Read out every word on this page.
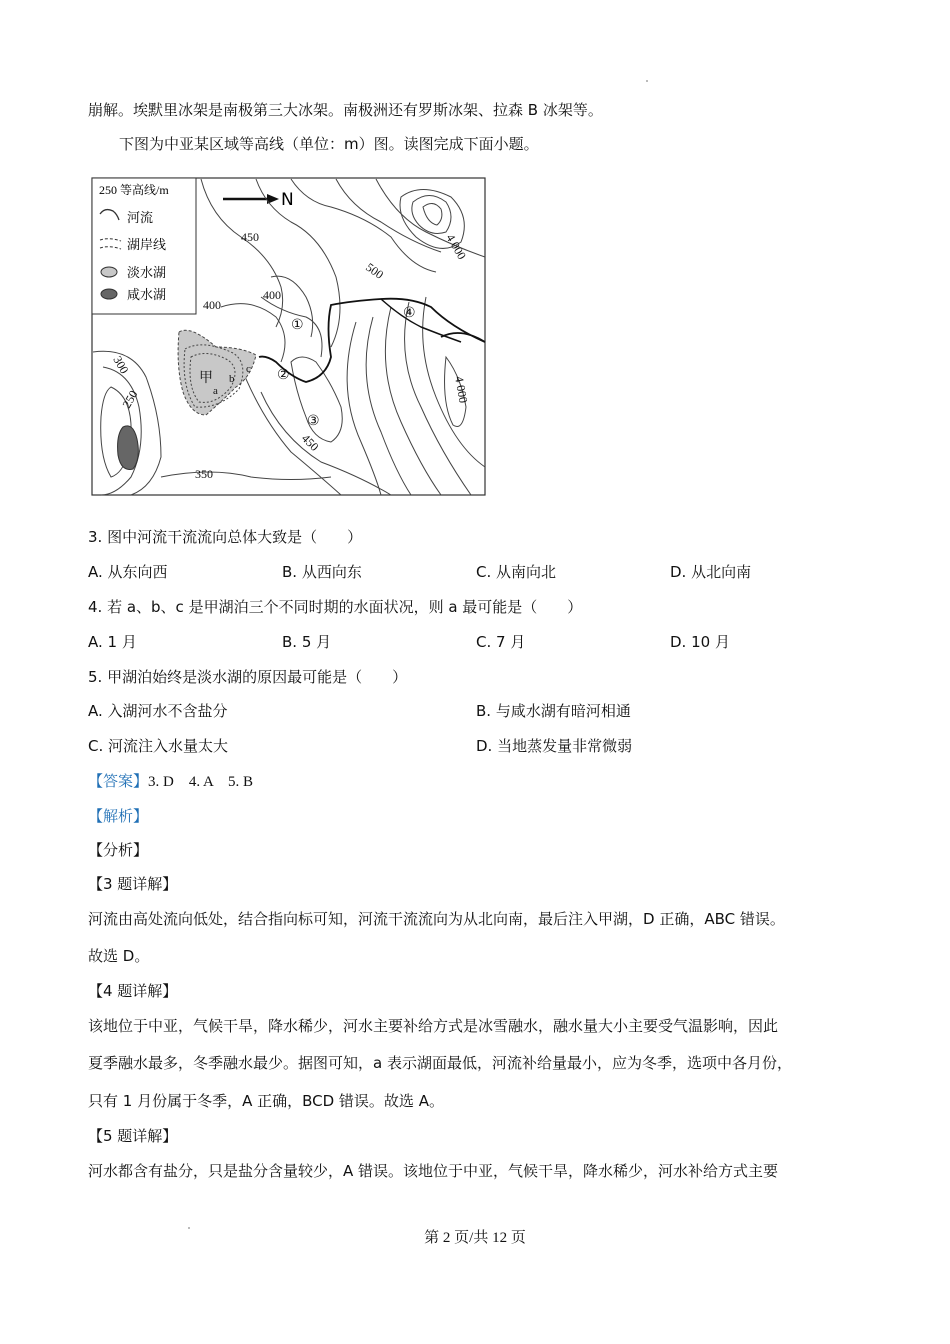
崩解。埃默里冰架是南极第三大冰架。南极洲还有罗斯冰架、拉森 B 冰架等。
下图为中亚某区域等高线（单位：m）图。读图完成下面小题。
250 等高线/m
河流
湖岸线
淡水湖
咸水湖
N
450
500
4 000
400
400
300
250
350
450
4 000
①
②
③
④
甲
a
b
c
3. 图中河流干流流向总体大致是（　　）
A. 从东向西	B. 从西向东	C. 从南向北	D. 从北向南
4. 若 a、b、c 是甲湖泊三个不同时期的水面状况，则 a 最可能是（　　）
A. 1 月	B. 5 月	C. 7 月	D. 10 月
5. 甲湖泊始终是淡水湖的原因最可能是（　　）
A. 入湖河水不含盐分	B. 与咸水湖有暗河相通
C. 河流注入水量太大	D. 当地蒸发量非常微弱
【答案】3. D　4. A　5. B
【解析】
【分析】
【3 题详解】
河流由高处流向低处，结合指向标可知，河流干流流向为从北向南，最后注入甲湖，D 正确，ABC 错误。
故选 D。
【4 题详解】
该地位于中亚，气候干旱，降水稀少，河水主要补给方式是冰雪融水，融水量大小主要受气温影响，因此
夏季融水最多，冬季融水最少。据图可知，a 表示湖面最低，河流补给量最小，应为冬季，选项中各月份，
只有 1 月份属于冬季，A 正确，BCD 错误。故选 A。
【5 题详解】
河水都含有盐分，只是盐分含量较少，A 错误。该地位于中亚，气候干旱，降水稀少，河水补给方式主要
第 2 页/共 12 页
